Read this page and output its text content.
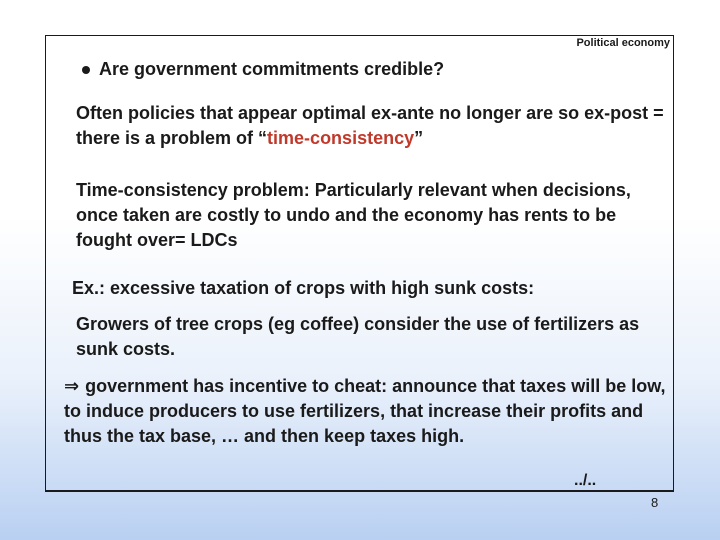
Political economy
Are government commitments credible?
Often policies that appear optimal ex-ante no longer are so ex-post = there is a problem of “time-consistency”
Time-consistency problem: Particularly relevant when decisions, once taken are costly to undo and the economy has rents to be fought over= LDCs
Ex.: excessive taxation of crops with high sunk costs:
Growers of tree crops (eg coffee) consider the use of fertilizers as sunk costs.
⇒ government has incentive to cheat: announce that taxes will be low, to induce producers to use fertilizers, that increase their profits and thus the tax base, … and then keep taxes high.
../..
8
